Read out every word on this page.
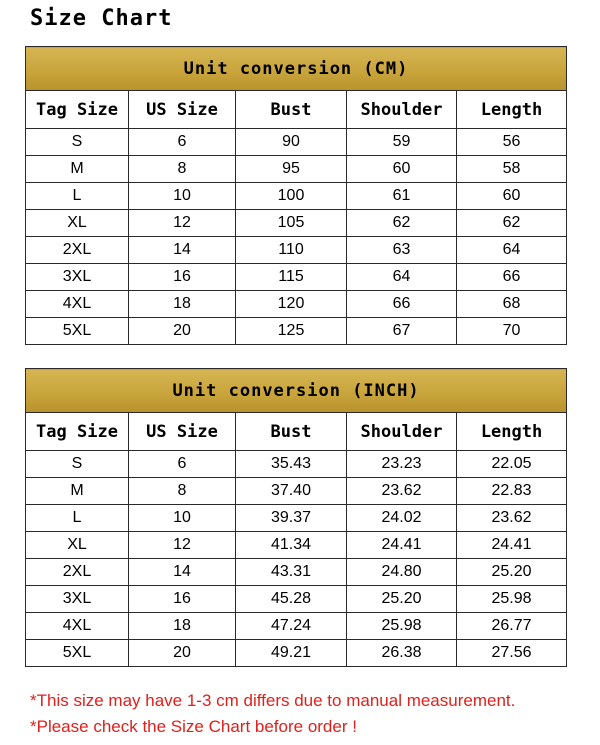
Size Chart
Unit conversion (CM)				
Tag Size	US Size	Bust	Shoulder	Length
S	6	90	59	56
M	8	95	60	58
L	10	100	61	60
XL	12	105	62	62
2XL	14	110	63	64
3XL	16	115	64	66
4XL	18	120	66	68
5XL	20	125	67	70
Unit conversion (INCH)				
Tag Size	US Size	Bust	Shoulder	Length
S	6	35.43	23.23	22.05
M	8	37.40	23.62	22.83
L	10	39.37	24.02	23.62
XL	12	41.34	24.41	24.41
2XL	14	43.31	24.80	25.20
3XL	16	45.28	25.20	25.98
4XL	18	47.24	25.98	26.77
5XL	20	49.21	26.38	27.56
*This size may have 1-3 cm differs due to manual measurement.
*Please check the Size Chart before order !
